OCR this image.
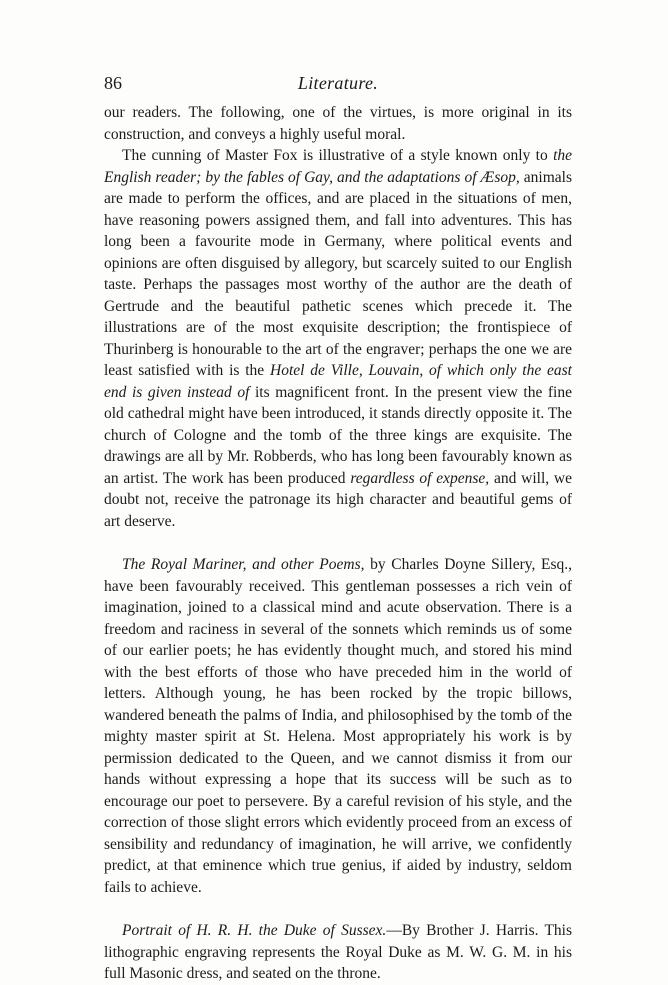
86	Literature.

our readers. The following, one of the virtues, is more original in its construction, and conveys a highly useful moral.

The cunning of Master Fox is illustrative of a style known only to the English reader; by the fables of Gay, and the adaptations of Æsop, animals are made to perform the offices, and are placed in the situations of men, have reasoning powers assigned them, and fall into adventures. This has long been a favourite mode in Germany, where political events and opinions are often disguised by allegory, but scarcely suited to our English taste. Perhaps the passages most worthy of the author are the death of Gertrude and the beautiful pathetic scenes which precede it. The illustrations are of the most exquisite description; the frontispiece of Thurinberg is honourable to the art of the engraver; perhaps the one we are least satisfied with is the Hotel de Ville, Louvain, of which only the east end is given instead of its magnificent front. In the present view the fine old cathedral might have been introduced, it stands directly opposite it. The church of Cologne and the tomb of the three kings are exquisite. The drawings are all by Mr. Robberds, who has long been favourably known as an artist. The work has been produced regardless of expense, and will, we doubt not, receive the patronage its high character and beautiful gems of art deserve.

The Royal Mariner, and other Poems, by Charles Doyne Sillery, Esq., have been favourably received. This gentleman possesses a rich vein of imagination, joined to a classical mind and acute observation. There is a freedom and raciness in several of the sonnets which reminds us of some of our earlier poets; he has evidently thought much, and stored his mind with the best efforts of those who have preceded him in the world of letters. Although young, he has been rocked by the tropic billows, wandered beneath the palms of India, and philosophised by the tomb of the mighty master spirit at St. Helena. Most appropriately his work is by permission dedicated to the Queen, and we cannot dismiss it from our hands without expressing a hope that its success will be such as to encourage our poet to persevere. By a careful revision of his style, and the correction of those slight errors which evidently proceed from an excess of sensibility and redundancy of imagination, he will arrive, we confidently predict, at that eminence which true genius, if aided by industry, seldom fails to achieve.

Portrait of H. R. H. the Duke of Sussex.—By Brother J. Harris. This lithographic engraving represents the Royal Duke as M. W. G. M. in his full Masonic dress, and seated on the throne.
